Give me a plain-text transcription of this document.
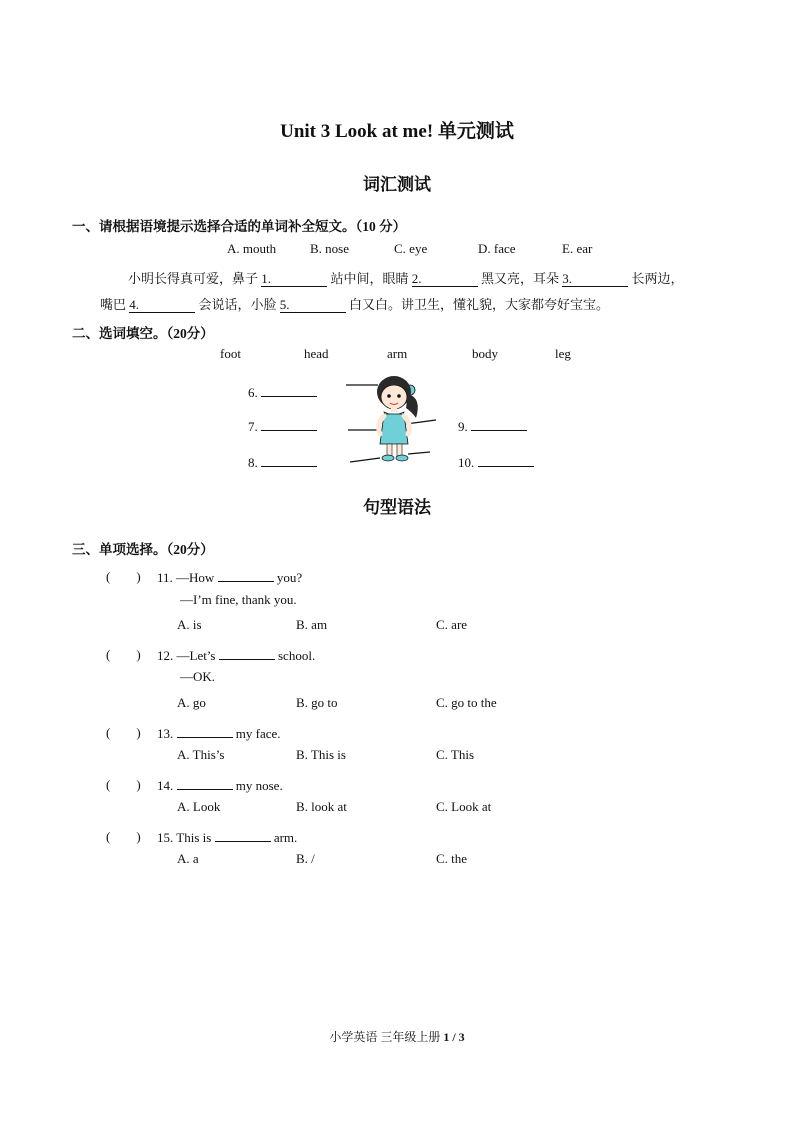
Unit 3 Look at me! 单元测试
词汇测试
一、请根据语境提示选择合适的单词补全短文。（10 分）
A. mouth	B. nose	C. eye	D. face	E. ear
小明长得真可爱，鼻子 1.	站中间，眼睛 2.	黑又亮，耳朵 3.	长两边，
嘴巴 4.	会说话，小脸 5.	白又白。讲卫生，懂礼貌，大家都夸好宝宝。
二、选词填空。（20分）
foot	head	arm	body	leg
6.
7.
8.
9.
10.
句型语法
三、单项选择。（20分）
(　　) 11. —How	you?
—I’m fine, thank you.
A. is	B. am	C. are
(　　) 12. —Let’s	school.
—OK.
A. go	B. go to	C. go to the
(　　) 13.	my face.
A. This’s	B. This is	C. This
(　　) 14.	my nose.
A. Look	B. look at	C. Look at
(　　) 15. This is	arm.
A. a	B. /	C. the
小学英语 三年级上册 1 / 3
